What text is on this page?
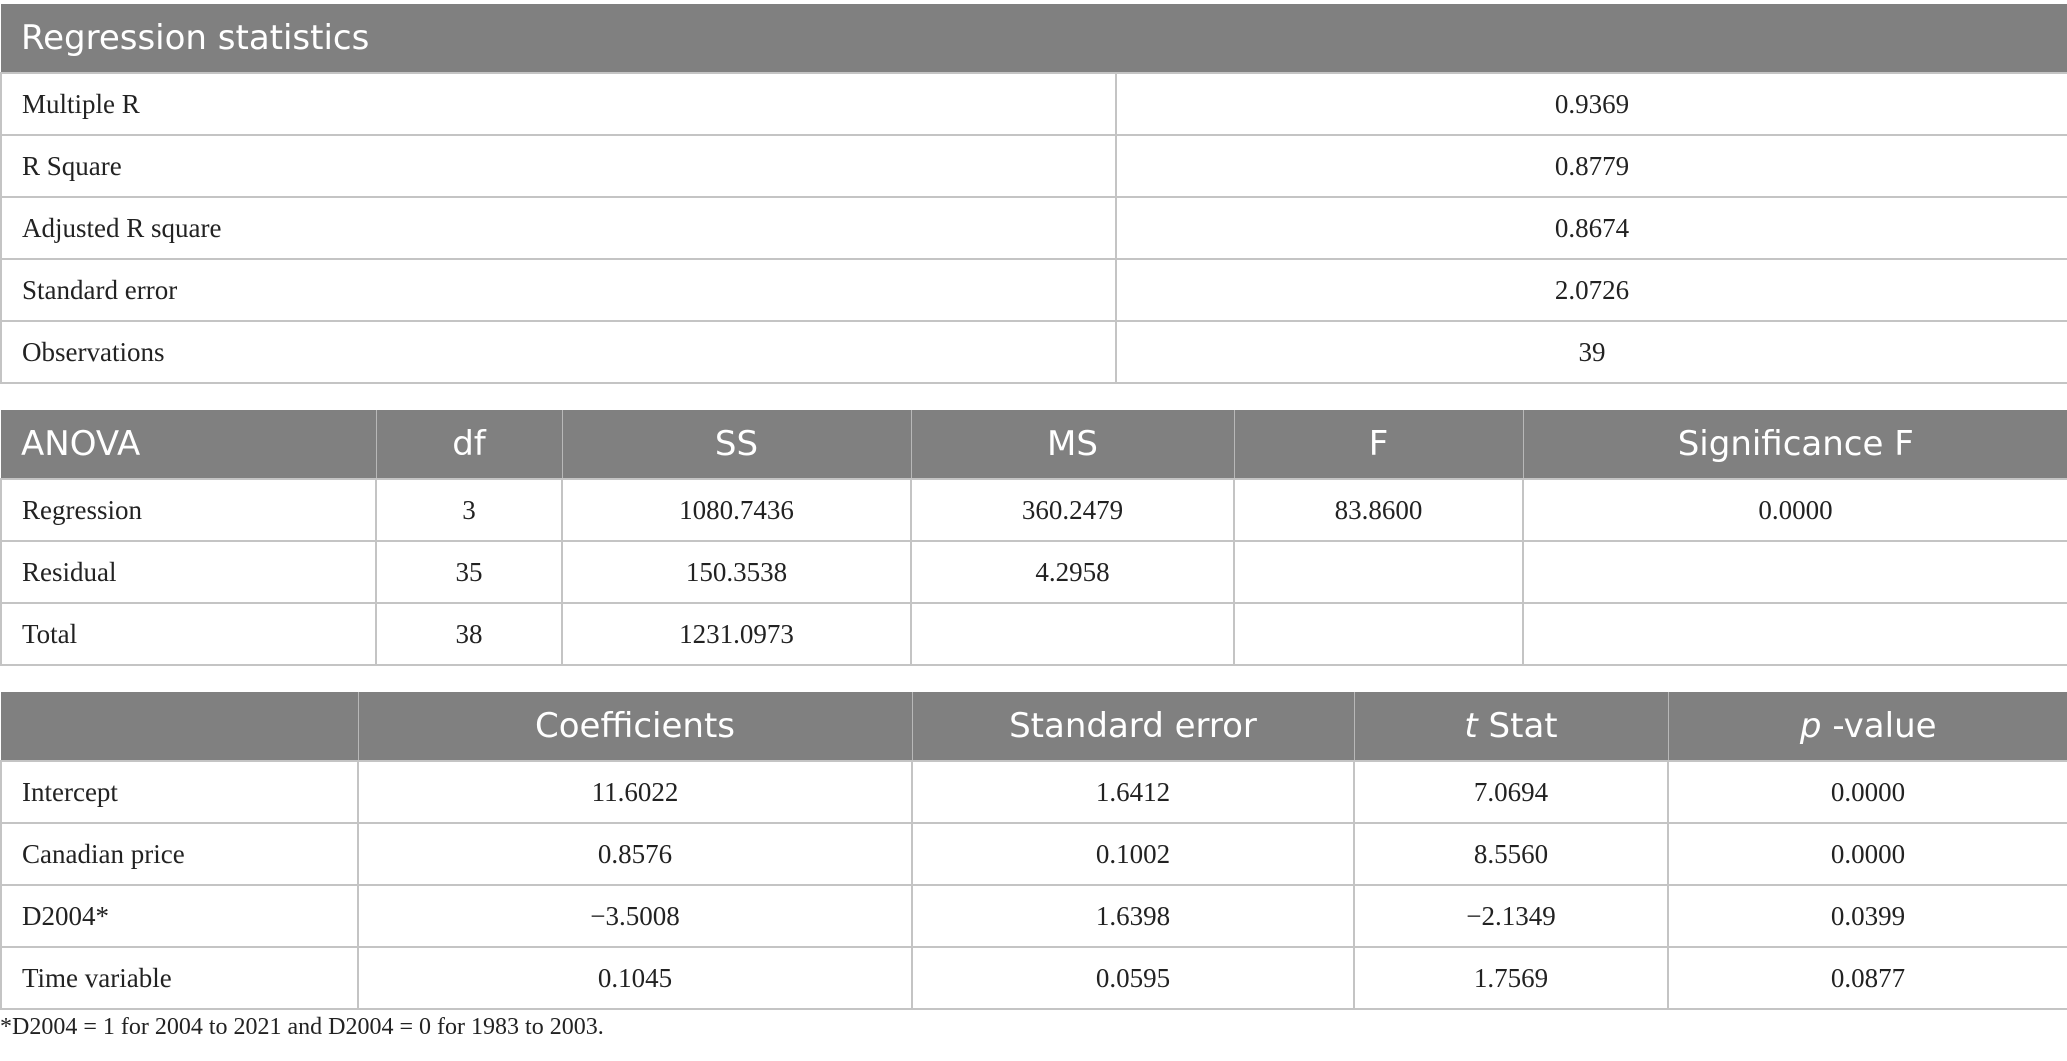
Regression statistics	
Multiple R	0.9369
R Square	0.8779
Adjusted R square	0.8674
Standard error	2.0726
Observations	39
ANOVA	df	SS	MS	F	Significance F
Regression	3	1080.7436	360.2479	83.8600	0.0000
Residual	35	150.3538	4.2958		
Total	38	1231.0973			
	Coefficients	Standard error	t Stat	p -value
Intercept	11.6022	1.6412	7.0694	0.0000
Canadian price	0.8576	0.1002	8.5560	0.0000
D2004*	−3.5008	1.6398	−2.1349	0.0399
Time variable	0.1045	0.0595	1.7569	0.0877
*D2004 = 1 for 2004 to 2021 and D2004 = 0 for 1983 to 2003.
